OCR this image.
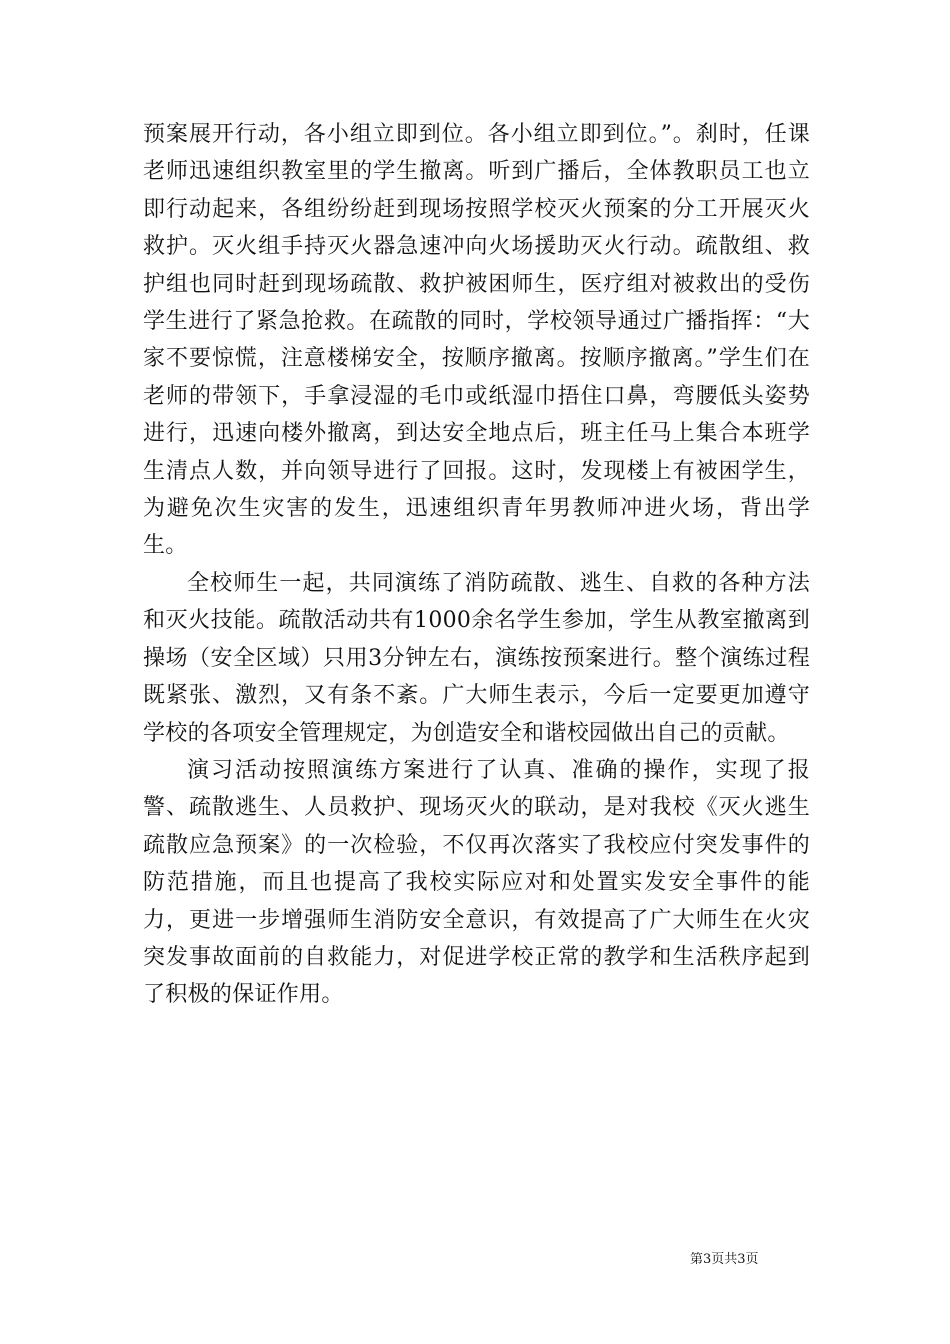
预案展开行动，各小组立即到位。各小组立即到位。”。刹时，任课老师迅速组织教室里的学生撤离。听到广播后，全体教职员工也立即行动起来，各组纷纷赶到现场按照学校灭火预案的分工开展灭火救护。灭火组手持灭火器急速冲向火场援助灭火行动。疏散组、救护组也同时赶到现场疏散、救护被困师生，医疗组对被救出的受伤学生进行了紧急抢救。在疏散的同时，学校领导通过广播指挥：“大家不要惊慌，注意楼梯安全，按顺序撤离。按顺序撤离。”学生们在老师的带领下，手拿浸湿的毛巾或纸湿巾捂住口鼻，弯腰低头姿势进行，迅速向楼外撤离，到达安全地点后，班主任马上集合本班学生清点人数，并向领导进行了回报。这时，发现楼上有被困学生，为避免次生灾害的发生，迅速组织青年男教师冲进火场，背出学生。

全校师生一起，共同演练了消防疏散、逃生、自救的各种方法和灭火技能。疏散活动共有1000余名学生参加，学生从教室撤离到操场（安全区域）只用3分钟左右，演练按预案进行。整个演练过程既紧张、激烈，又有条不紊。广大师生表示，今后一定要更加遵守学校的各项安全管理规定，为创造安全和谐校园做出自己的贡献。

演习活动按照演练方案进行了认真、准确的操作，实现了报警、疏散逃生、人员救护、现场灭火的联动，是对我校《灭火逃生疏散应急预案》的一次检验，不仅再次落实了我校应付突发事件的防范措施，而且也提高了我校实际应对和处置实发安全事件的能力，更进一步增强师生消防安全意识，有效提高了广大师生在火灾突发事故面前的自救能力，对促进学校正常的教学和生活秩序起到了积极的保证作用。

第3页共3页
